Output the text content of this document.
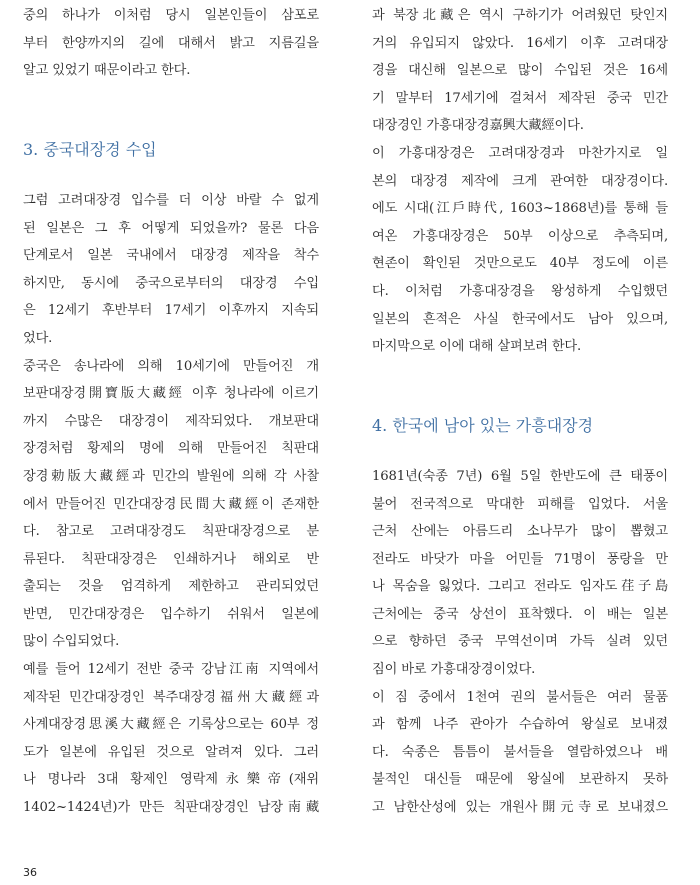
중의 하나가 이처럼 당시 일본인들이 삼포로

부터 한양까지의 길에 대해서 밝고 지름길을

알고 있었기 때문이라고 한다.

3. 중국대장경 수입

그럼 고려대장경 입수를 더 이상 바랄 수 없게

된 일본은 그 후 어떻게 되었을까? 물론 다음

단계로서 일본 국내에서 대장경 제작을 착수

하지만, 동시에 중국으로부터의 대장경 수입

은 12세기 후반부터 17세기 이후까지 지속되

었다.

중국은 송나라에 의해 10세기에 만들어진 개

보판대장경開寶版大藏經 이후 청나라에 이르기

까지 수많은 대장경이 제작되었다. 개보판대

장경처럼 황제의 명에 의해 만들어진 칙판대

장경勅版大藏經과 민간의 발원에 의해 각 사찰

에서 만들어진 민간대장경民間大藏經이 존재한

다. 참고로 고려대장경도 칙판대장경으로 분

류된다. 칙판대장경은 인쇄하거나 해외로 반

출되는 것을 엄격하게 제한하고 관리되었던

반면, 민간대장경은 입수하기 쉬워서 일본에

많이 수입되었다.

예를 들어 12세기 전반 중국 강남江南 지역에서

제작된 민간대장경인 복주대장경福州大藏經과

사계대장경思溪大藏經은 기록상으로는 60부 정

도가 일본에 유입된 것으로 알려져 있다. 그러

나 명나라 3대 황제인 영락제永樂帝(재위

1402~1424년)가 만든 칙판대장경인 남장南藏

과 북장北藏은 역시 구하기가 어려웠던 탓인지

거의 유입되지 않았다. 16세기 이후 고려대장

경을 대신해 일본으로 많이 수입된 것은 16세

기 말부터 17세기에 걸쳐서 제작된 중국 민간

대장경인 가흥대장경嘉興大藏經이다.

이 가흥대장경은 고려대장경과 마찬가지로 일

본의 대장경 제작에 크게 관여한 대장경이다.

에도 시대(江戶時代, 1603~1868년)를 통해 들

여온 가흥대장경은 50부 이상으로 추측되며,

현존이 확인된 것만으로도 40부 정도에 이른

다. 이처럼 가흥대장경을 왕성하게 수입했던

일본의 흔적은 사실 한국에서도 남아 있으며,

마지막으로 이에 대해 살펴보려 한다.

4. 한국에 남아 있는 가흥대장경

1681년(숙종 7년) 6월 5일 한반도에 큰 태풍이

불어 전국적으로 막대한 피해를 입었다. 서울

근처 산에는 아름드리 소나무가 많이 뽑혔고

전라도 바닷가 마을 어민들 71명이 풍랑을 만

나 목숨을 잃었다. 그리고 전라도 임자도荏子島

근처에는 중국 상선이 표착했다. 이 배는 일본

으로 향하던 중국 무역선이며 가득 실려 있던

짐이 바로 가흥대장경이었다.

이 짐 중에서 1천여 권의 불서들은 여러 물품

과 함께 나주 관아가 수습하여 왕실로 보내졌

다. 숙종은 틈틈이 불서들을 열람하였으나 배

불적인 대신들 때문에 왕실에 보관하지 못하

고 남한산성에 있는 개원사開元寺로 보내졌으

36
